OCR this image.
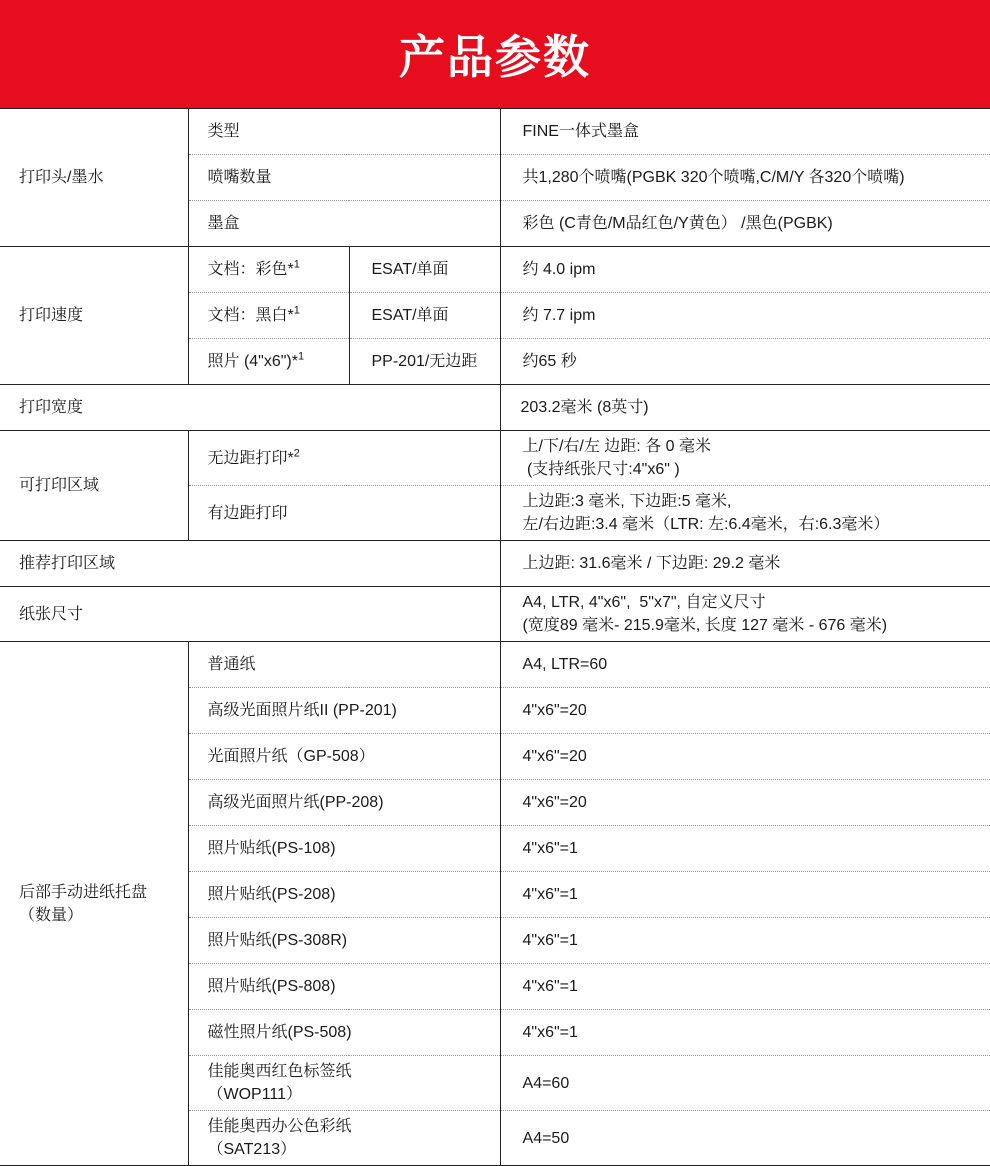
产品参数
打印头/墨水	类型		FINE一体式墨盒
	喷嘴数量		共1,280个喷嘴(PGBK 320个喷嘴,C/M/Y 各320个喷嘴)
	墨盒		彩色 (C青色/M品红色/Y黄色） /黑色(PGBK)
打印速度	文档：彩色*$^1$	ESAT/单面	约 4.0 ipm
	文档：黑白*$^1$	ESAT/单面	约 7.7 ipm
	照片 (4"x6")*$^1$	PP-201/无边距	约65 秒
打印宽度			203.2毫米 (8英寸)
可打印区域	无边距打印*$^2$		上/下/右/左 边距: 各 0 毫米
(支持纸张尺寸:4"x6" )

	有边距打印		上边距:3 毫米, 下边距:5 毫米,
左/右边距:3.4 毫米（LTR: 左:6.4毫米，右:6.3毫米）

推荐打印区域			上边距: 31.6毫米 / 下边距: 29.2 毫米
纸张尺寸			A4, LTR, 4"x6",  5"x7", 自定义尺寸
(宽度89 毫米- 215.9毫米, 长度 127 毫米 - 676 毫米)

后部手动进纸托盘
（数量）	普通纸		A4, LTR=60
	高级光面照片纸II (PP-201)		4"x6"=20
	光面照片纸（GP-508）		4"x6"=20
	高级光面照片纸(PP-208)		4"x6"=20
	照片贴纸(PS-108)		4"x6"=1
	照片贴纸(PS-208)		4"x6"=1
	照片贴纸(PS-308R)		4"x6"=1
	照片贴纸(PS-808)		4"x6"=1
	磁性照片纸(PS-508)		4"x6"=1

	佳能奥西红色标签纸
（WOP111）		A4=60

	佳能奥西办公色彩纸
（SAT213）		A4=50
